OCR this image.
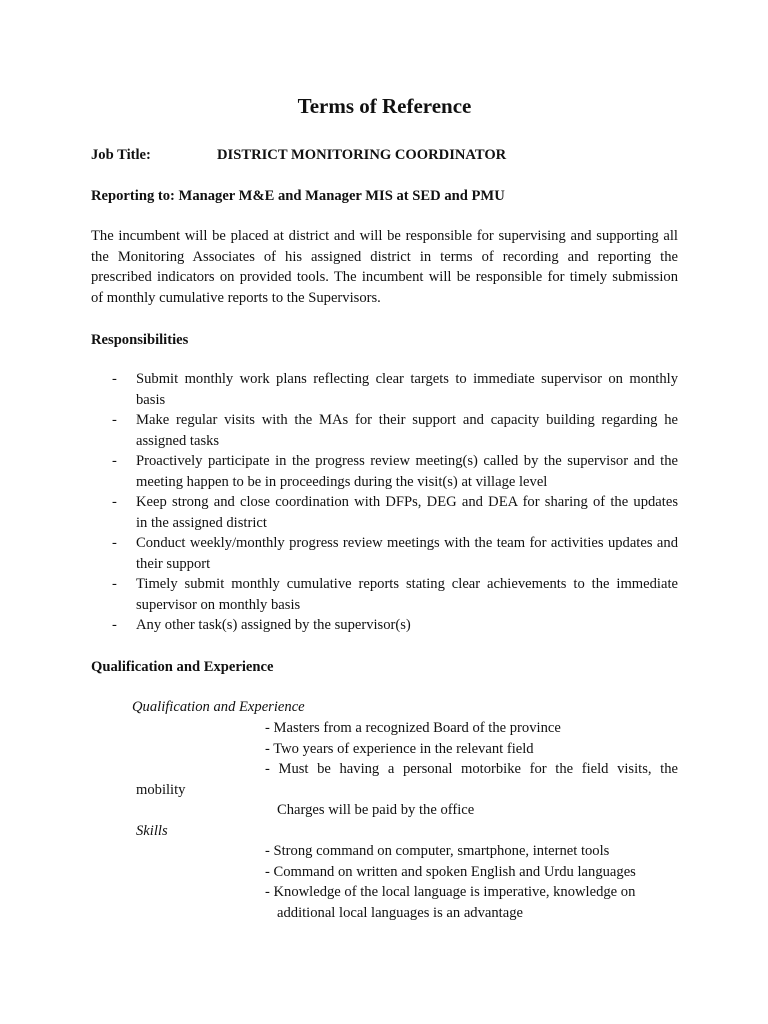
Terms of Reference
Job Title:	DISTRICT MONITORING COORDINATOR
Reporting to: Manager M&E and Manager MIS at SED and PMU
The incumbent will be placed at district and will be responsible for supervising and supporting all
the Monitoring Associates of his assigned district in terms of recording and reporting the
prescribed indicators on provided tools. The incumbent will be responsible for timely submission
of monthly cumulative reports to the Supervisors.
Responsibilities
- Submit monthly work plans reflecting clear targets to immediate supervisor on monthly
basis
- Make regular visits with the MAs for their support and capacity building regarding he
assigned tasks
- Proactively participate in the progress review meeting(s) called by the supervisor and the
meeting happen to be in proceedings during the visit(s) at village level
- Keep strong and close coordination with DFPs, DEG and DEA for sharing of the updates
in the assigned district
- Conduct weekly/monthly progress review meetings with the team for activities updates and
their support
- Timely submit monthly cumulative reports stating clear achievements to the immediate
supervisor on monthly basis
- Any other task(s) assigned by the supervisor(s)
Qualification and Experience
Qualification and Experience
- Masters from a recognized Board of the province
- Two years of experience in the relevant field
- Must be having a personal motorbike for the field visits, the
mobility
Charges will be paid by the office
Skills
- Strong command on computer, smartphone, internet tools
- Command on written and spoken English and Urdu languages
- Knowledge of the local language is imperative, knowledge on
additional local languages is an advantage
